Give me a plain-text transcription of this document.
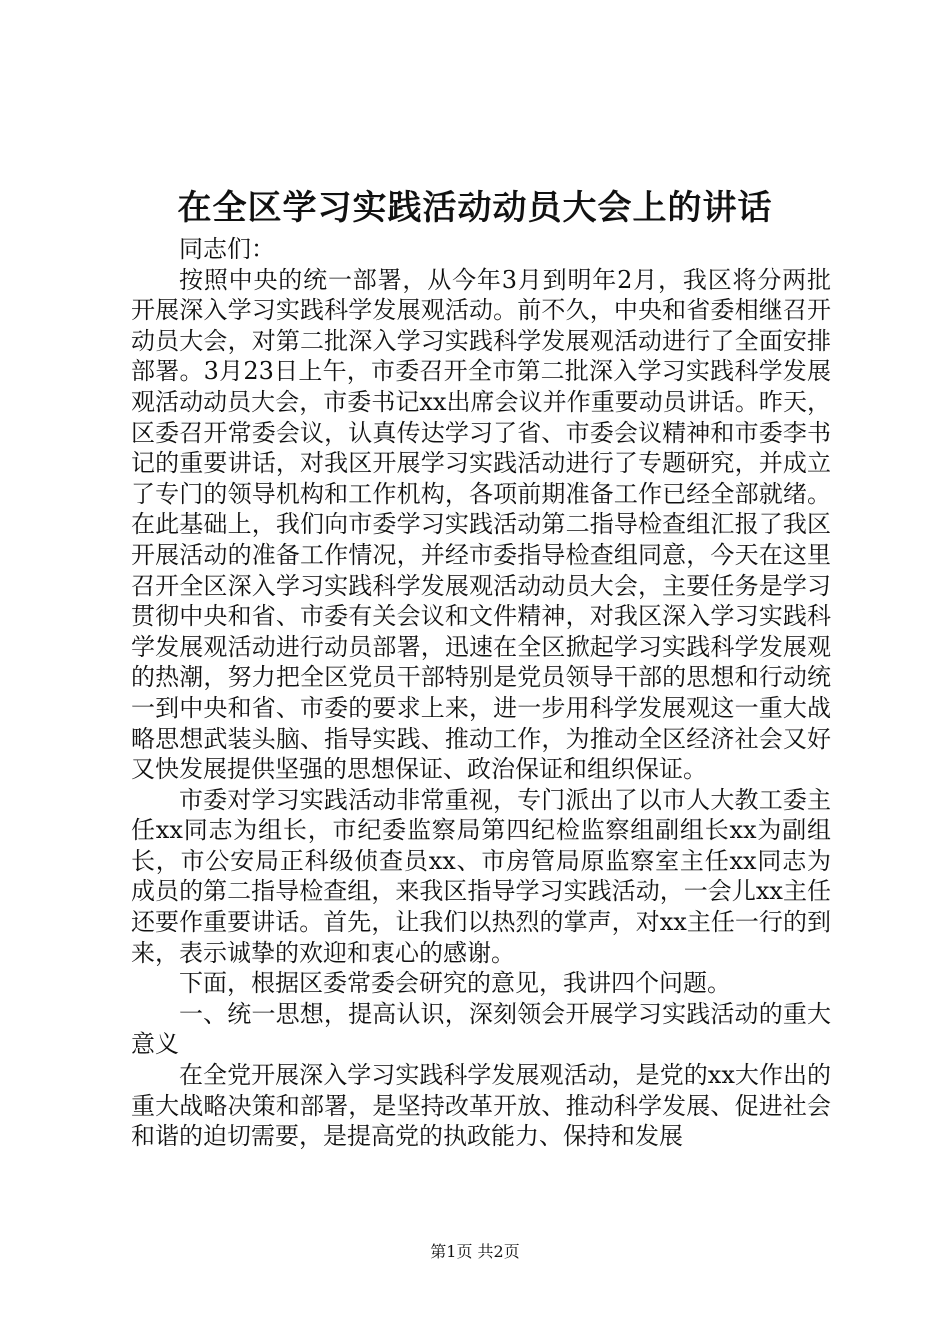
在全区学习实践活动动员大会上的讲话

同志们：

按照中央的统一部署，从今年3月到明年2月，我区将分两批开展深入学习实践科学发展观活动。前不久，中央和省委相继召开动员大会，对第二批深入学习实践科学发展观活动进行了全面安排部署。3月23日上午，市委召开全市第二批深入学习实践科学发展观活动动员大会，市委书记xx出席会议并作重要动员讲话。昨天，区委召开常委会议，认真传达学习了省、市委会议精神和市委李书记的重要讲话，对我区开展学习实践活动进行了专题研究，并成立了专门的领导机构和工作机构，各项前期准备工作已经全部就绪。在此基础上，我们向市委学习实践活动第二指导检查组汇报了我区开展活动的准备工作情况，并经市委指导检查组同意，今天在这里召开全区深入学习实践科学发展观活动动员大会，主要任务是学习贯彻中央和省、市委有关会议和文件精神，对我区深入学习实践科学发展观活动进行动员部署，迅速在全区掀起学习实践科学发展观的热潮，努力把全区党员干部特别是党员领导干部的思想和行动统一到中央和省、市委的要求上来，进一步用科学发展观这一重大战略思想武装头脑、指导实践、推动工作，为推动全区经济社会又好又快发展提供坚强的思想保证、政治保证和组织保证。

市委对学习实践活动非常重视，专门派出了以市人大教工委主任xx同志为组长，市纪委监察局第四纪检监察组副组长xx为副组长，市公安局正科级侦查员xx、市房管局原监察室主任xx同志为成员的第二指导检查组，来我区指导学习实践活动，一会儿xx主任还要作重要讲话。首先，让我们以热烈的掌声，对xx主任一行的到来，表示诚挚的欢迎和衷心的感谢。

下面，根据区委常委会研究的意见，我讲四个问题。

一、统一思想，提高认识，深刻领会开展学习实践活动的重大意义

在全党开展深入学习实践科学发展观活动，是党的xx大作出的重大战略决策和部署，是坚持改革开放、推动科学发展、促进社会和谐的迫切需要，是提高党的执政能力、保持和发展

第1页 共2页
